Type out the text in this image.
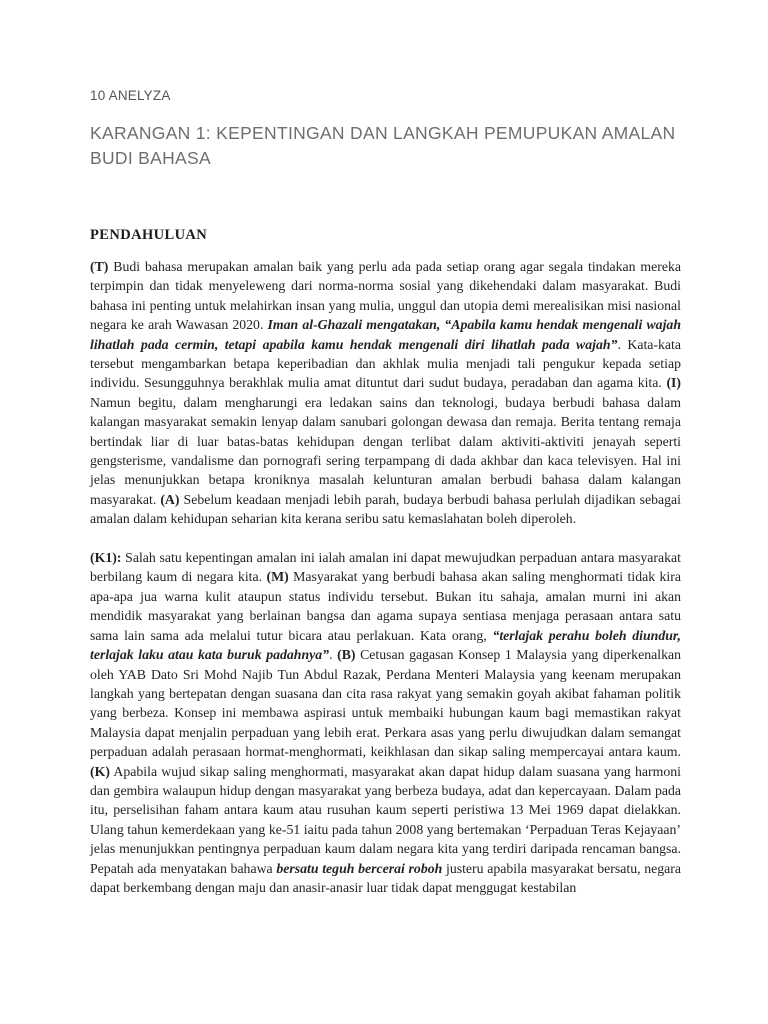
10 ANELYZA
KARANGAN 1: KEPENTINGAN DAN LANGKAH PEMUPUKAN AMALAN BUDI BAHASA
PENDAHULUAN

(T) Budi bahasa merupakan amalan baik yang perlu ada pada setiap orang agar segala tindakan mereka terpimpin dan tidak menyeleweng dari norma-norma sosial yang dikehendaki dalam masyarakat. Budi bahasa ini penting untuk melahirkan insan yang mulia, unggul dan utopia demi merealisikan misi nasional negara ke arah Wawasan 2020. Iman al-Ghazali mengatakan, “Apabila kamu hendak mengenali wajah lihatlah pada cermin, tetapi apabila kamu hendak mengenali diri lihatlah pada wajah”. Kata-kata tersebut mengambarkan betapa keperibadian dan akhlak mulia menjadi tali pengukur kepada setiap individu. Sesungguhnya berakhlak mulia amat dituntut dari sudut budaya, peradaban dan agama kita. (I) Namun begitu, dalam mengharungi era ledakan sains dan teknologi, budaya berbudi bahasa dalam kalangan masyarakat semakin lenyap dalam sanubari golongan dewasa dan remaja. Berita tentang remaja bertindak liar di luar batas-batas kehidupan dengan terlibat dalam aktiviti-aktiviti jenayah seperti gengsterisme, vandalisme dan pornografi sering terpampang di dada akhbar dan kaca televisyen. Hal ini jelas menunjukkan betapa kroniknya masalah kelunturan amalan berbudi bahasa dalam kalangan masyarakat. (A) Sebelum keadaan menjadi lebih parah, budaya berbudi bahasa perlulah dijadikan sebagai amalan dalam kehidupan seharian kita kerana seribu satu kemaslahatan boleh diperoleh.

(K1): Salah satu kepentingan amalan ini ialah amalan ini dapat mewujudkan perpaduan antara masyarakat berbilang kaum di negara kita. (M) Masyarakat yang berbudi bahasa akan saling menghormati tidak kira apa-apa jua warna kulit ataupun status individu tersebut. Bukan itu sahaja, amalan murni ini akan mendidik masyarakat yang berlainan bangsa dan agama supaya sentiasa menjaga perasaan antara satu sama lain sama ada melalui tutur bicara atau perlakuan. Kata orang, “terlajak perahu boleh diundur, terlajak laku atau kata buruk padahnya”. (B) Cetusan gagasan Konsep 1 Malaysia yang diperkenalkan oleh YAB Dato Sri Mohd Najib Tun Abdul Razak, Perdana Menteri Malaysia yang keenam merupakan langkah yang bertepatan dengan suasana dan cita rasa rakyat yang semakin goyah akibat fahaman politik yang berbeza. Konsep ini membawa aspirasi untuk membaiki hubungan kaum bagi memastikan rakyat Malaysia dapat menjalin perpaduan yang lebih erat. Perkara asas yang perlu diwujudkan dalam semangat perpaduan adalah perasaan hormat-menghormati, keikhlasan dan sikap saling mempercayai antara kaum. (K) Apabila wujud sikap saling menghormati, masyarakat akan dapat hidup dalam suasana yang harmoni dan gembira walaupun hidup dengan masyarakat yang berbeza budaya, adat dan kepercayaan. Dalam pada itu, perselisihan faham antara kaum atau rusuhan kaum seperti peristiwa 13 Mei 1969 dapat dielakkan. Ulang tahun kemerdekaan yang ke-51 iaitu pada tahun 2008 yang bertemakan ‘Perpaduan Teras Kejayaan’ jelas menunjukkan pentingnya perpaduan kaum dalam negara kita yang terdiri daripada rencaman bangsa. Pepatah ada menyatakan bahawa bersatu teguh bercerai roboh justeru apabila masyarakat bersatu, negara dapat berkembang dengan maju dan anasir-anasir luar tidak dapat menggugat kestabilan
